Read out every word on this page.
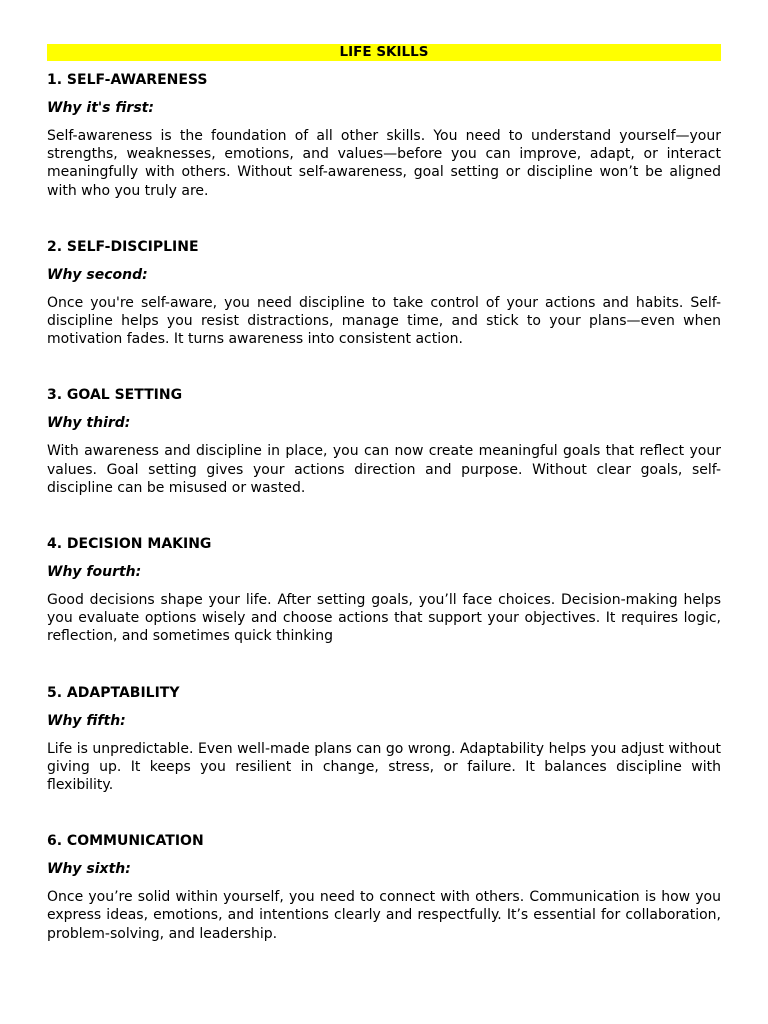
LIFE SKILLS
1. SELF-AWARENESS
Why it's first:

Self-awareness is the foundation of all other skills. You need to understand yourself—your strengths, weaknesses, emotions, and values—before you can improve, adapt, or interact meaningfully with others. Without self-awareness, goal setting or discipline won’t be aligned with who you truly are.

2. SELF-DISCIPLINE
Why second:

Once you're self-aware, you need discipline to take control of your actions and habits. Self-discipline helps you resist distractions, manage time, and stick to your plans—even when motivation fades. It turns awareness into consistent action.

3. GOAL SETTING
Why third:

With awareness and discipline in place, you can now create meaningful goals that reflect your values. Goal setting gives your actions direction and purpose. Without clear goals, self-discipline can be misused or wasted.

4. DECISION MAKING
Why fourth:

Good decisions shape your life. After setting goals, you’ll face choices. Decision-making helps you evaluate options wisely and choose actions that support your objectives. It requires logic, reflection, and sometimes quick thinking

5. ADAPTABILITY
Why fifth:

Life is unpredictable. Even well-made plans can go wrong. Adaptability helps you adjust without giving up. It keeps you resilient in change, stress, or failure. It balances discipline with flexibility.

6. COMMUNICATION
Why sixth:

Once you’re solid within yourself, you need to connect with others. Communication is how you express ideas, emotions, and intentions clearly and respectfully. It’s essential for collaboration, problem-solving, and leadership.
